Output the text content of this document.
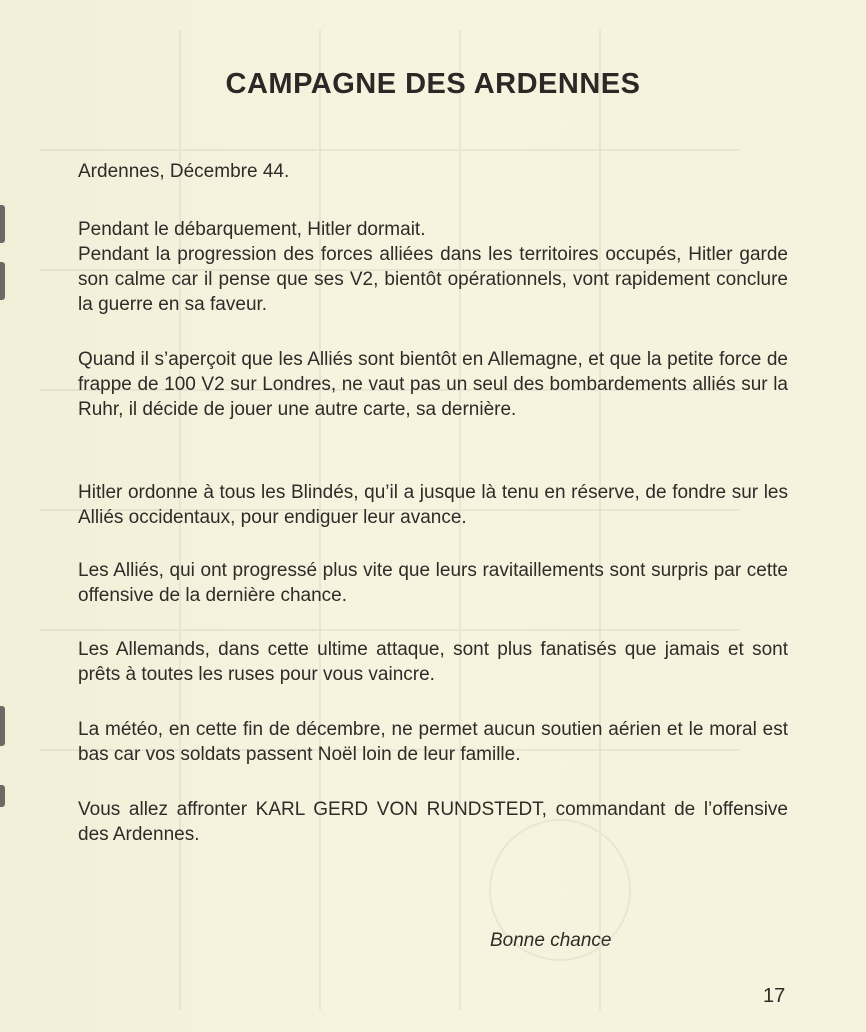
CAMPAGNE DES ARDENNES
Ardennes, Décembre 44.
Pendant le débarquement, Hitler dormait.
Pendant la progression des forces alliées dans les territoires occupés, Hitler garde son calme car il pense que ses V2, bientôt opérationnels, vont rapidement conclure la guerre en sa faveur.
Quand il s’aperçoit que les Alliés sont bientôt en Allemagne, et que la petite force de frappe de 100 V2 sur Londres, ne vaut pas un seul des bombardements alliés sur la Ruhr, il décide de jouer une autre carte, sa dernière.
Hitler ordonne à tous les Blindés, qu’il a jusque là tenu en réserve, de fondre sur les Alliés occidentaux, pour endiguer leur avance.
Les Alliés, qui ont progressé plus vite que leurs ravitaillements sont surpris par cette offensive de la dernière chance.
Les Allemands, dans cette ultime attaque, sont plus fanatisés que jamais et sont prêts à toutes les ruses pour vous vaincre.
La météo, en cette fin de décembre, ne permet aucun soutien aérien et le moral est bas car vos soldats passent Noël loin de leur famille.
Vous allez affronter KARL GERD VON RUNDSTEDT, commandant de l’offensive des Ardennes.
Bonne chance
17
